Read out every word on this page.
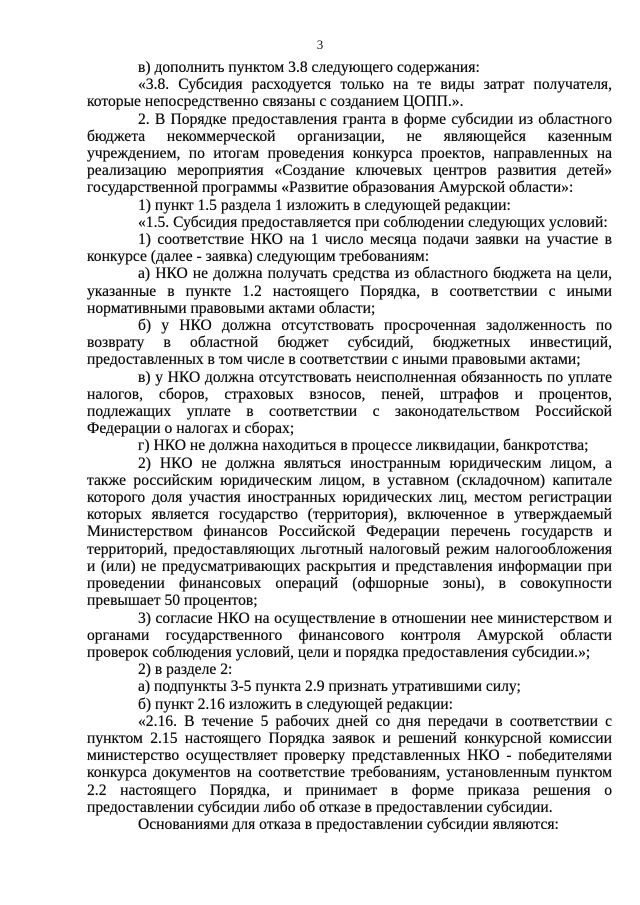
3

в) дополнить пунктом 3.8 следующего содержания:

«3.8. Субсидия расходуется только на те виды затрат получателя, которые непосредственно связаны с созданием ЦОПП.».

2. В Порядке предоставления гранта в форме субсидии из областного бюджета некоммерческой организации, не являющейся казенным учреждением, по итогам проведения конкурса проектов, направленных на реализацию мероприятия «Создание ключевых центров развития детей» государственной программы «Развитие образования Амурской области»:

1) пункт 1.5 раздела 1 изложить в следующей редакции:

«1.5. Субсидия предоставляется при соблюдении следующих условий:

1) соответствие НКО на 1 число месяца подачи заявки на участие в конкурсе (далее - заявка) следующим требованиям:

а) НКО не должна получать средства из областного бюджета на цели, указанные в пункте 1.2 настоящего Порядка, в соответствии с иными нормативными правовыми актами области;

б) у НКО должна отсутствовать просроченная задолженность по возврату в областной бюджет субсидий, бюджетных инвестиций, предоставленных в том числе в соответствии с иными правовыми актами;

в) у НКО должна отсутствовать неисполненная обязанность по уплате налогов, сборов, страховых взносов, пеней, штрафов и процентов, подлежащих уплате в соответствии с законодательством Российской Федерации о налогах и сборах;

г) НКО не должна находиться в процессе ликвидации, банкротства;

2) НКО не должна являться иностранным юридическим лицом, а также российским юридическим лицом, в уставном (складочном) капитале которого доля участия иностранных юридических лиц, местом регистрации которых является государство (территория), включенное в утверждаемый Министерством финансов Российской Федерации перечень государств и территорий, предоставляющих льготный налоговый режим налогообложения и (или) не предусматривающих раскрытия и представления информации при проведении финансовых операций (офшорные зоны), в совокупности превышает 50 процентов;

3) согласие НКО на осуществление в отношении нее министерством и органами государственного финансового контроля Амурской области проверок соблюдения условий, цели и порядка предоставления субсидии.»;

2) в разделе 2:

а) подпункты 3-5 пункта 2.9 признать утратившими силу;

б) пункт 2.16 изложить в следующей редакции:

«2.16. В течение 5 рабочих дней со дня передачи в соответствии с пунктом 2.15 настоящего Порядка заявок и решений конкурсной комиссии министерство осуществляет проверку представленных НКО - победителями конкурса документов на соответствие требованиям, установленным пунктом 2.2 настоящего Порядка, и принимает в форме приказа решения о предоставлении субсидии либо об отказе в предоставлении субсидии.

Основаниями для отказа в предоставлении субсидии являются:
